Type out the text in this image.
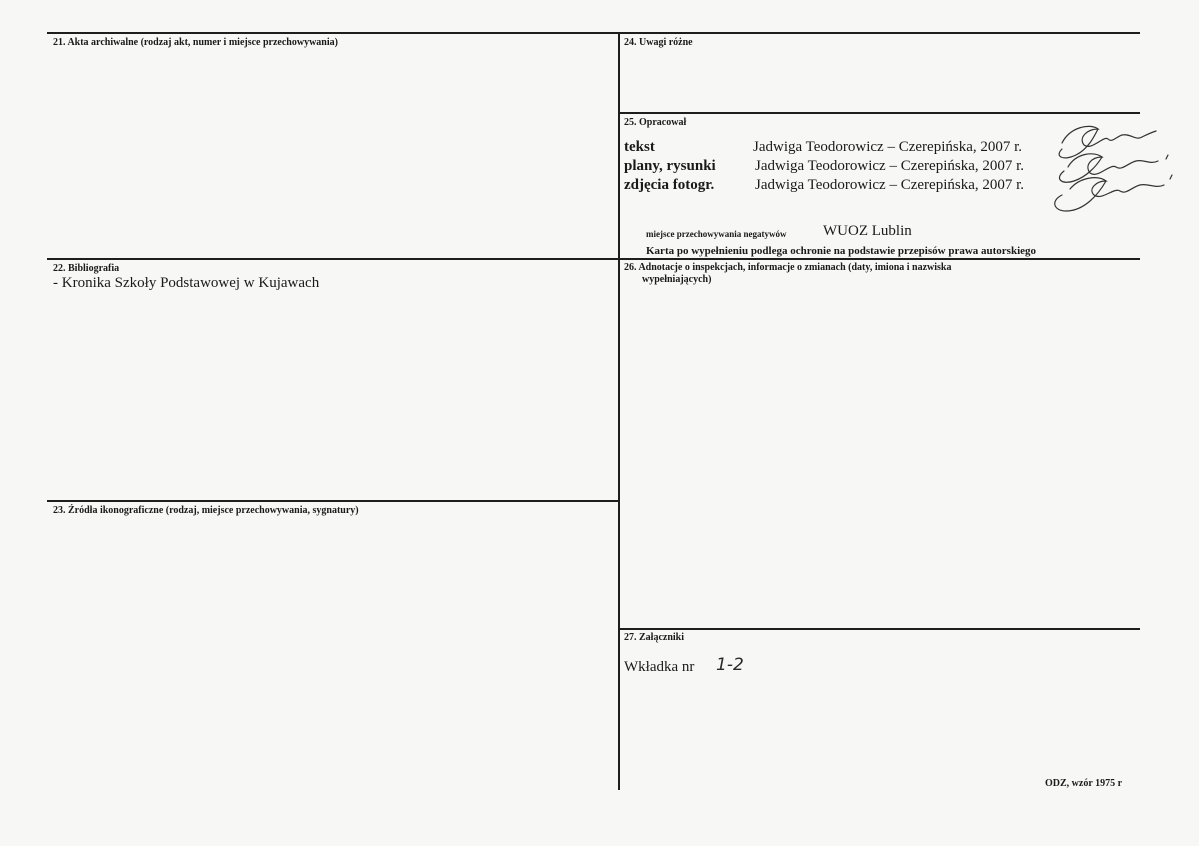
21. Akta archiwalne (rodzaj akt, numer i miejsce przechowywania)	24. Uwagi różne
25. Opracował
tekst	Jadwiga Teodorowicz – Czerepińska, 2007 r.
plany, rysunki	Jadwiga Teodorowicz – Czerepińska, 2007 r.
zdjęcia fotogr.	Jadwiga Teodorowicz – Czerepińska, 2007 r.
miejsce przechowywania negatywów WUOZ Lublin
Karta po wypełnieniu podlega ochronie na podstawie przepisów prawa autorskiego
22. Bibliografia
- Kronika Szkoły Podstawowej w Kujawach
26. Adnotacje o inspekcjach, informacje o zmianach (daty, imiona i nazwiska
wypełniających)
23. Źródła ikonograficzne (rodzaj, miejsce przechowywania, sygnatury)
27. Załączniki
Wkładka nr 1-2
ODZ, wzór 1975 r
